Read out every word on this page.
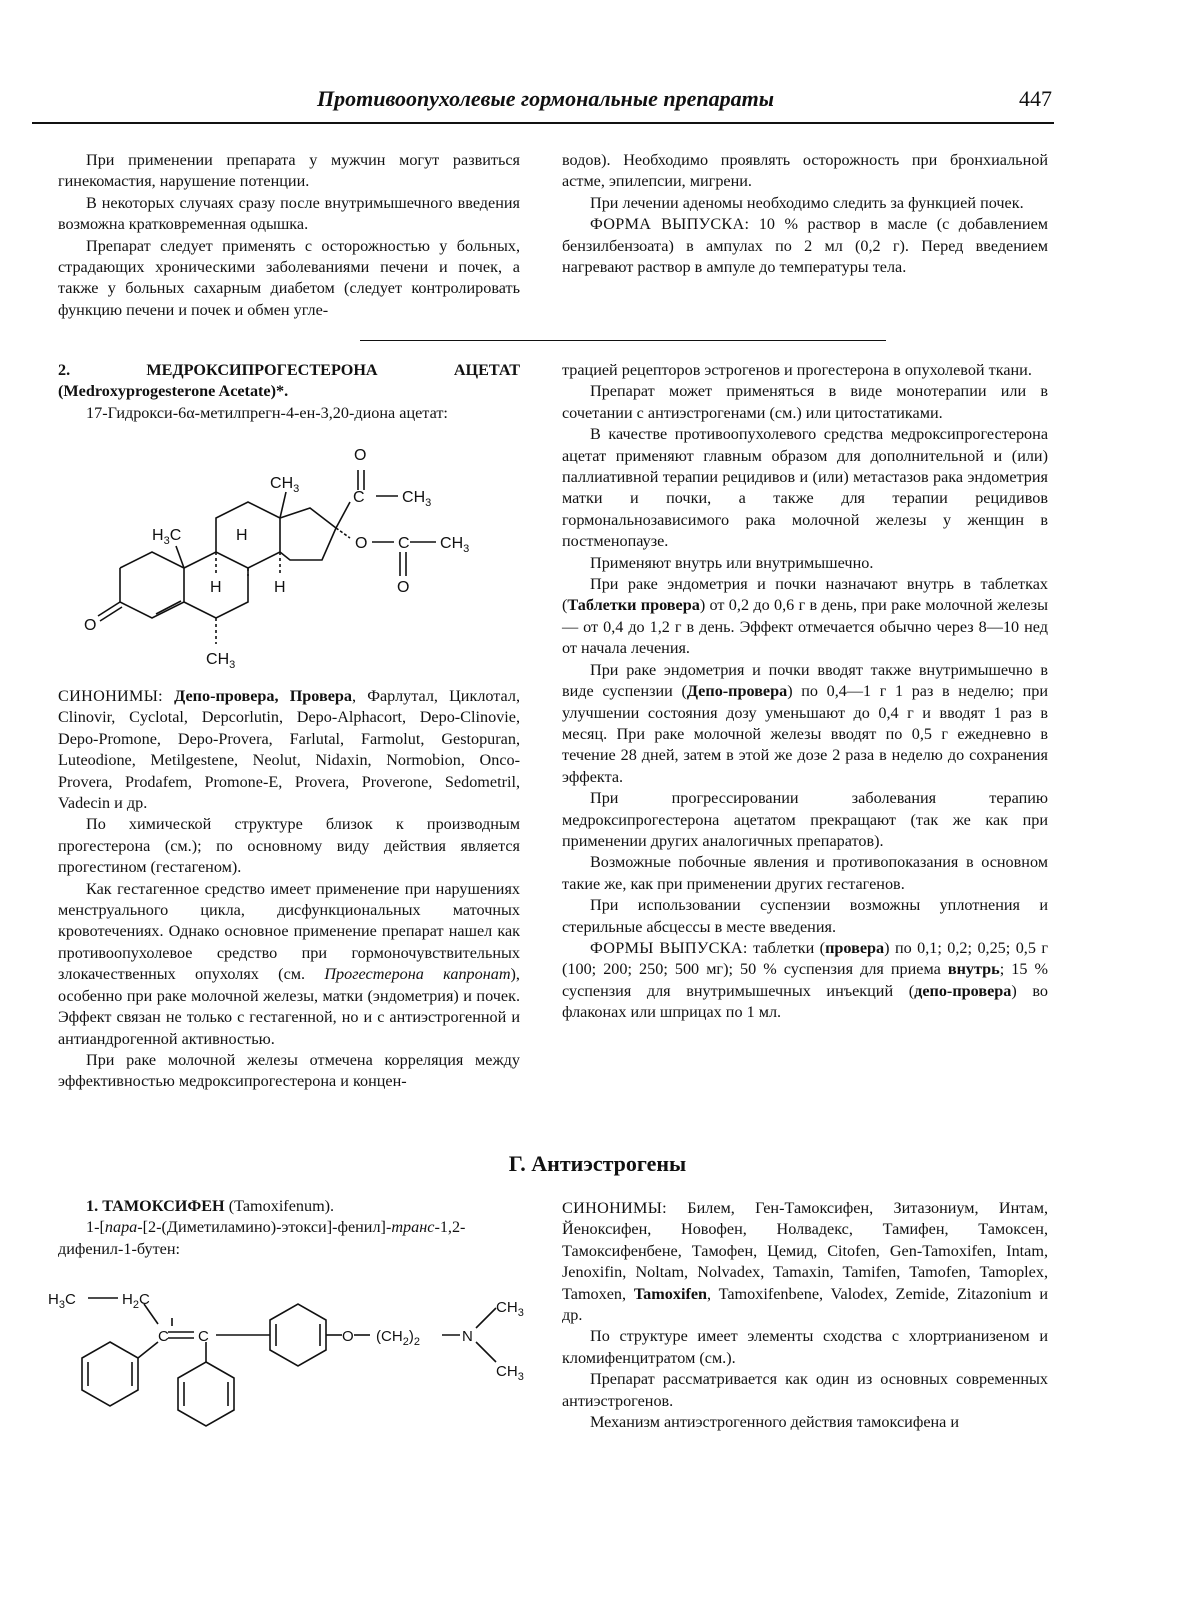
Противоопухолевые гормональные препараты	447

При применении препарата у мужчин могут развиться гинекомастия, нарушение потенции.

В некоторых случаях сразу после внутримышечного введения возможна кратковременная одышка.

Препарат следует применять с осторожностью у больных, страдающих хроническими заболеваниями печени и почек, а также у больных сахарным диабетом (следует контролировать функцию печени и почек и обмен угле-

водов). Необходимо проявлять осторожность при бронхиальной астме, эпилепсии, мигрени.

При лечении аденомы необходимо следить за функцией почек.

ФОРМА ВЫПУСКА: 10 % раствор в масле (с добавлением бензилбензоата) в ампулах по 2 мл (0,2 г). Перед введением нагревают раствор в ампуле до температуры тела.

2. МЕДРОКСИПРОГЕСТЕРОНА АЦЕТАТ (Medroxyprogesterone Acetate)*.

17-Гидрокси-6α-метилпрегн-4-ен-3,20-диона ацетат:

O
$CH_3$	C $CH_3$
$H_3C$	H	O C $CH_3$
H	H	O
O
$CH_3$

СИНОНИМЫ: Депо-провера, Провера, Фарлутал, Циклотал, Clinovir, Cyclotal, Depcorlutin, Depo-Alphacort, Depo-Clinovie, Depo-Promone, Depo-Provera, Farlutal, Farmolut, Gestopuran, Luteodione, Metilgestene, Neolut, Nidaxin, Normobion, Onco-Provera, Prodafem, Promone-E, Provera, Proverone, Sedometril, Vadecin и др.

По химической структуре близок к производным прогестерона (см.); по основному виду действия является прогестином (гестагеном).

Как гестагенное средство имеет применение при нарушениях менструального цикла, дисфункциональных маточных кровотечениях. Однако основное применение препарат нашел как противоопухолевое средство при гормоночувствительных злокачественных опухолях (см. Прогестерона капронат), особенно при раке молочной железы, матки (эндометрия) и почек. Эффект связан не только с гестагенной, но и с антиэстрогенной и антиандрогенной активностью.

При раке молочной железы отмечена корреляция между эффективностью медроксипрогестерона и концен-

трацией рецепторов эстрогенов и прогестерона в опухолевой ткани.

Препарат может применяться в виде монотерапии или в сочетании с антиэстрогенами (см.) или цитостатиками.

В качестве противоопухолевого средства медроксипрогестерона ацетат применяют главным образом для дополнительной и (или) паллиативной терапии рецидивов и (или) метастазов рака эндометрия матки и почки, а также для терапии рецидивов гормональнозависимого рака молочной железы у женщин в постменопаузе.

Применяют внутрь или внутримышечно.

При раке эндометрия и почки назначают внутрь в таблетках (Таблетки провера) от 0,2 до 0,6 г в день, при раке молочной железы — от 0,4 до 1,2 г в день. Эффект отмечается обычно через 8—10 нед от начала лечения.

При раке эндометрия и почки вводят также внутримышечно в виде суспензии (Депо-провера) по 0,4—1 г 1 раз в неделю; при улучшении состояния дозу уменьшают до 0,4 г и вводят 1 раз в месяц. При раке молочной железы вводят по 0,5 г ежедневно в течение 28 дней, затем в этой же дозе 2 раза в неделю до сохранения эффекта.

При прогрессировании заболевания терапию медроксипрогестерона ацетатом прекращают (так же как при применении других аналогичных препаратов).

Возможные побочные явления и противопоказания в основном такие же, как при применении других гестагенов.

При использовании суспензии возможны уплотнения и стерильные абсцессы в месте введения.

ФОРМЫ ВЫПУСКА: таблетки (провера) по 0,1; 0,2; 0,25; 0,5 г (100; 200; 250; 500 мг); 50 % суспензия для приема внутрь; 15 % суспензия для внутримышечных инъекций (депо-провера) во флаконах или шприцах по 1 мл.

Г. Антиэстрогены

1. ТАМОКСИФЕН (Tamoxifenum).

1-[пара-[2-(Диметиламино)-этокси]-фенил]-транс-1,2-дифенил-1-бутен:

$H_3C$	$H_2C$
C C	O $(CH_2)_2$	N
$CH_3$
$CH_3$

СИНОНИМЫ: Билем, Ген-Тамоксифен, Зитазониум, Интам, Йеноксифен, Новофен, Нолвадекс, Тамифен, Тамоксен, Тамоксифенбене, Тамофен, Цемид, Citofen, Gen-Tamoxifen, Intam, Jenoxifin, Noltam, Nolvadex, Tamaxin, Tamifen, Tamofen, Tamoplex, Tamoxen, Tamoxifen, Tamoxifenbene, Valodex, Zemide, Zitazonium и др.

По структуре имеет элементы сходства с хлортрианизеном и кломифенцитратом (см.).

Препарат рассматривается как один из основных современных антиэстрогенов.

Механизм антиэстрогенного действия тамоксифена и
